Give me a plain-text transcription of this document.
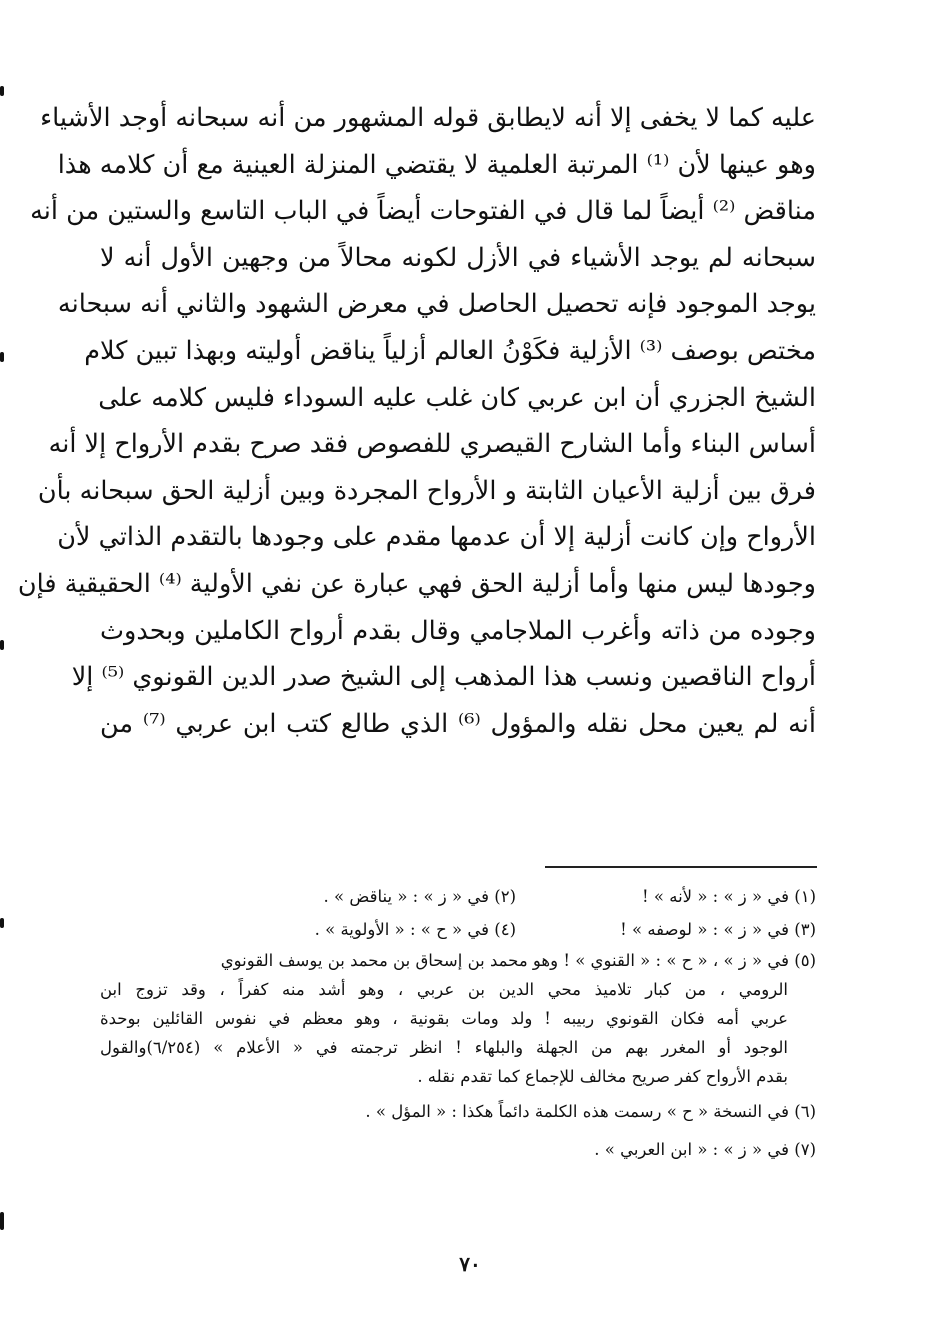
عليه كما لا يخفى إلا أنه لايطابق قوله المشهور من أنه سبحانه أوجد الأشياء
وهو عينها لأن ⁽¹⁾ المرتبة العلمية لا يقتضي المنزلة العينية مع أن كلامه هذا
مناقض ⁽²⁾ أيضاً لما قال في الفتوحات أيضاً في الباب التاسع والستين من أنه
سبحانه لم يوجد الأشياء في الأزل لكونه محالاً من وجهين الأول أنه لا
يوجد الموجود فإنه تحصيل الحاصل في معرض الشهود والثاني أنه سبحانه
مختص بوصف ⁽³⁾ الأزلية فكَوْنُ العالم أزلياً يناقض أوليته وبهذا تبين كلام
الشيخ الجزري أن ابن عربي كان غلب عليه السوداء فليس كلامه على
أساس البناء وأما الشارح القيصري للفصوص فقد صرح بقدم الأرواح إلا أنه
فرق بين أزلية الأعيان الثابتة و الأرواح المجردة وبين أزلية الحق سبحانه بأن
الأرواح وإن كانت أزلية إلا أن عدمها مقدم على وجودها بالتقدم الذاتي لأن
وجودها ليس منها وأما أزلية الحق فهي عبارة عن نفي الأولية ⁽⁴⁾ الحقيقية فإن
وجوده من ذاته وأغرب الملاجامي وقال بقدم أرواح الكاملين وبحدوث
أرواح الناقصين ونسب هذا المذهب إلى الشيخ صدر الدين القونوي ⁽⁵⁾ إلا
أنه لم يعين محل نقله والمؤول ⁽⁶⁾ الذي طالع كتب ابن عربي ⁽⁷⁾ من
(١) في « ز » : « لأنه » !
(٢) في « ز » : « يناقض » .
(٣) في « ز » : « لوصفه » !
(٤) في « ح » : « الأولوية » .
(٥) في « ز » ، « ح » : « القنوي » ! وهو محمد بن إسحاق بن محمد بن يوسف القونوي
الرومي ، من كبار تلاميذ محي الدين بن عربي ، وهو أشد منه كفراً ، وقد تزوج ابن
عربي أمه فكان القونوي ربيبه ! ولد ومات بقونية ، وهو معظم في نفوس القائلين بوحدة
الوجود أو المغرر بهم من الجهلة والبلهاء ! انظر ترجمته في « الأعلام » (٦/٢٥٤)والقول
بقدم الأرواح كفر صريح مخالف للإجماع كما تقدم نقله .
(٦) في النسخة « ح » رسمت هذه الكلمة دائماً هكذا : « المؤل » .
(٧) في « ز » : « ابن العربي » .
٧٠
